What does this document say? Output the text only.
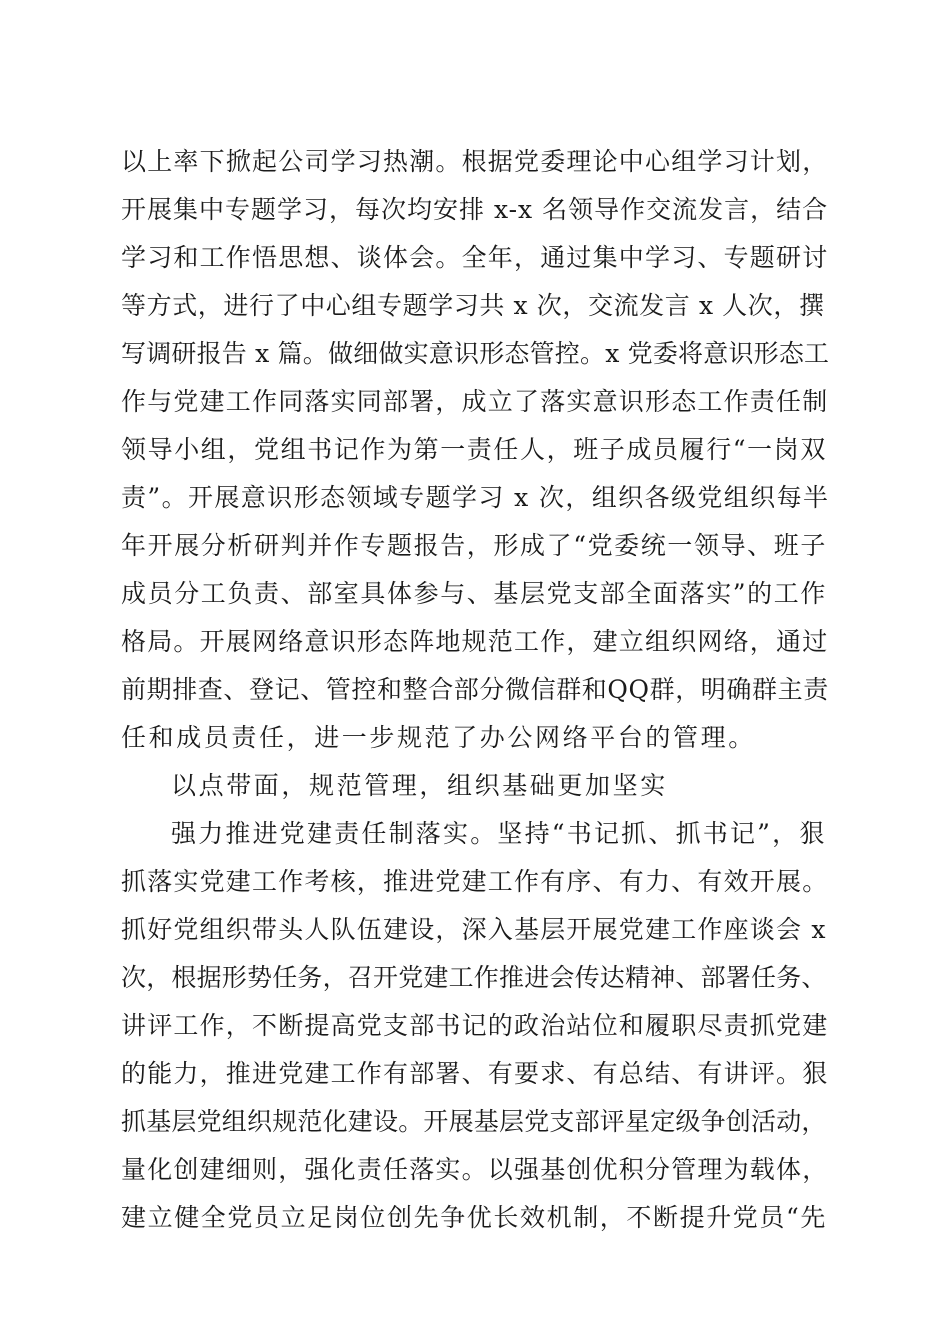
以上率下掀起公司学习热潮。根据党委理论中心组学习计划，
开展集中专题学习，每次均安排 x-x 名领导作交流发言，结合
学习和工作悟思想、谈体会。全年，通过集中学习、专题研讨
等方式，进行了中心组专题学习共 x 次，交流发言 x 人次，撰
写调研报告 x 篇。做细做实意识形态管控。x 党委将意识形态工
作与党建工作同落实同部署，成立了落实意识形态工作责任制
领导小组，党组书记作为第一责任人，班子成员履行“一岗双
责”。开展意识形态领域专题学习 x 次，组织各级党组织每半
年开展分析研判并作专题报告，形成了“党委统一领导、班子
成员分工负责、部室具体参与、基层党支部全面落实”的工作
格局。开展网络意识形态阵地规范工作，建立组织网络，通过
前期排查、登记、管控和整合部分微信群和QQ群，明确群主责
任和成员责任，进一步规范了办公网络平台的管理。
以点带面，规范管理，组织基础更加坚实
强力推进党建责任制落实。坚持“书记抓、抓书记”，狠
抓落实党建工作考核，推进党建工作有序、有力、有效开展。
抓好党组织带头人队伍建设，深入基层开展党建工作座谈会 x
次，根据形势任务，召开党建工作推进会传达精神、部署任务、
讲评工作，不断提高党支部书记的政治站位和履职尽责抓党建
的能力，推进党建工作有部署、有要求、有总结、有讲评。狠
抓基层党组织规范化建设。开展基层党支部评星定级争创活动，
量化创建细则，强化责任落实。以强基创优积分管理为载体，
建立健全党员立足岗位创先争优长效机制，不断提升党员“先
